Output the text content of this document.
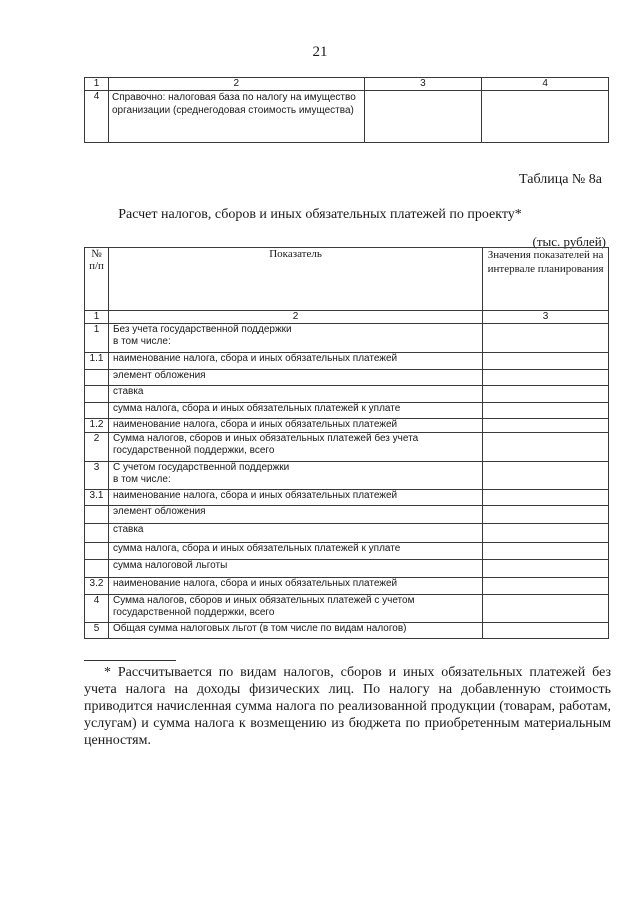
21
1	2	3	4
4	Справочно: налоговая база по налогу на имущество организации (среднегодовая стоимость имущества)		
Таблица № 8а
Расчет налогов, сборов и иных обязательных платежей по проекту*
(тыс. рублей)
№ п/п	Показатель	Значения показателей на интервале планирования
1	2	3
1	Без учета государственной поддержки
в том числе:	
1.1	наименование налога, сбора и иных обязательных платежей	
	элемент обложения	
	ставка	
	сумма налога, сбора и иных обязательных платежей к уплате	
1.2	наименование налога, сбора и иных обязательных платежей	
2	Сумма налогов, сборов и иных обязательных платежей без учета государственной поддержки, всего	
3	С учетом государственной поддержки
в том числе:	
3.1	наименование налога, сбора и иных обязательных платежей	
	элемент обложения	
	ставка	
	сумма налога, сбора и иных обязательных платежей к уплате	
	сумма налоговой льготы	
3.2	наименование налога, сбора и иных обязательных платежей	
4	Сумма налогов, сборов и иных обязательных платежей с учетом государственной поддержки, всего	
5	Общая сумма налоговых льгот (в том числе по видам налогов)	
* Рассчитывается по видам налогов, сборов и иных обязательных платежей без учета налога на доходы физических лиц. По налогу на добавленную стоимость приводится начисленная сумма налога по реализованной продукции (товарам, работам, услугам) и сумма налога к возмещению из бюджета по приобретенным материальным ценностям.
